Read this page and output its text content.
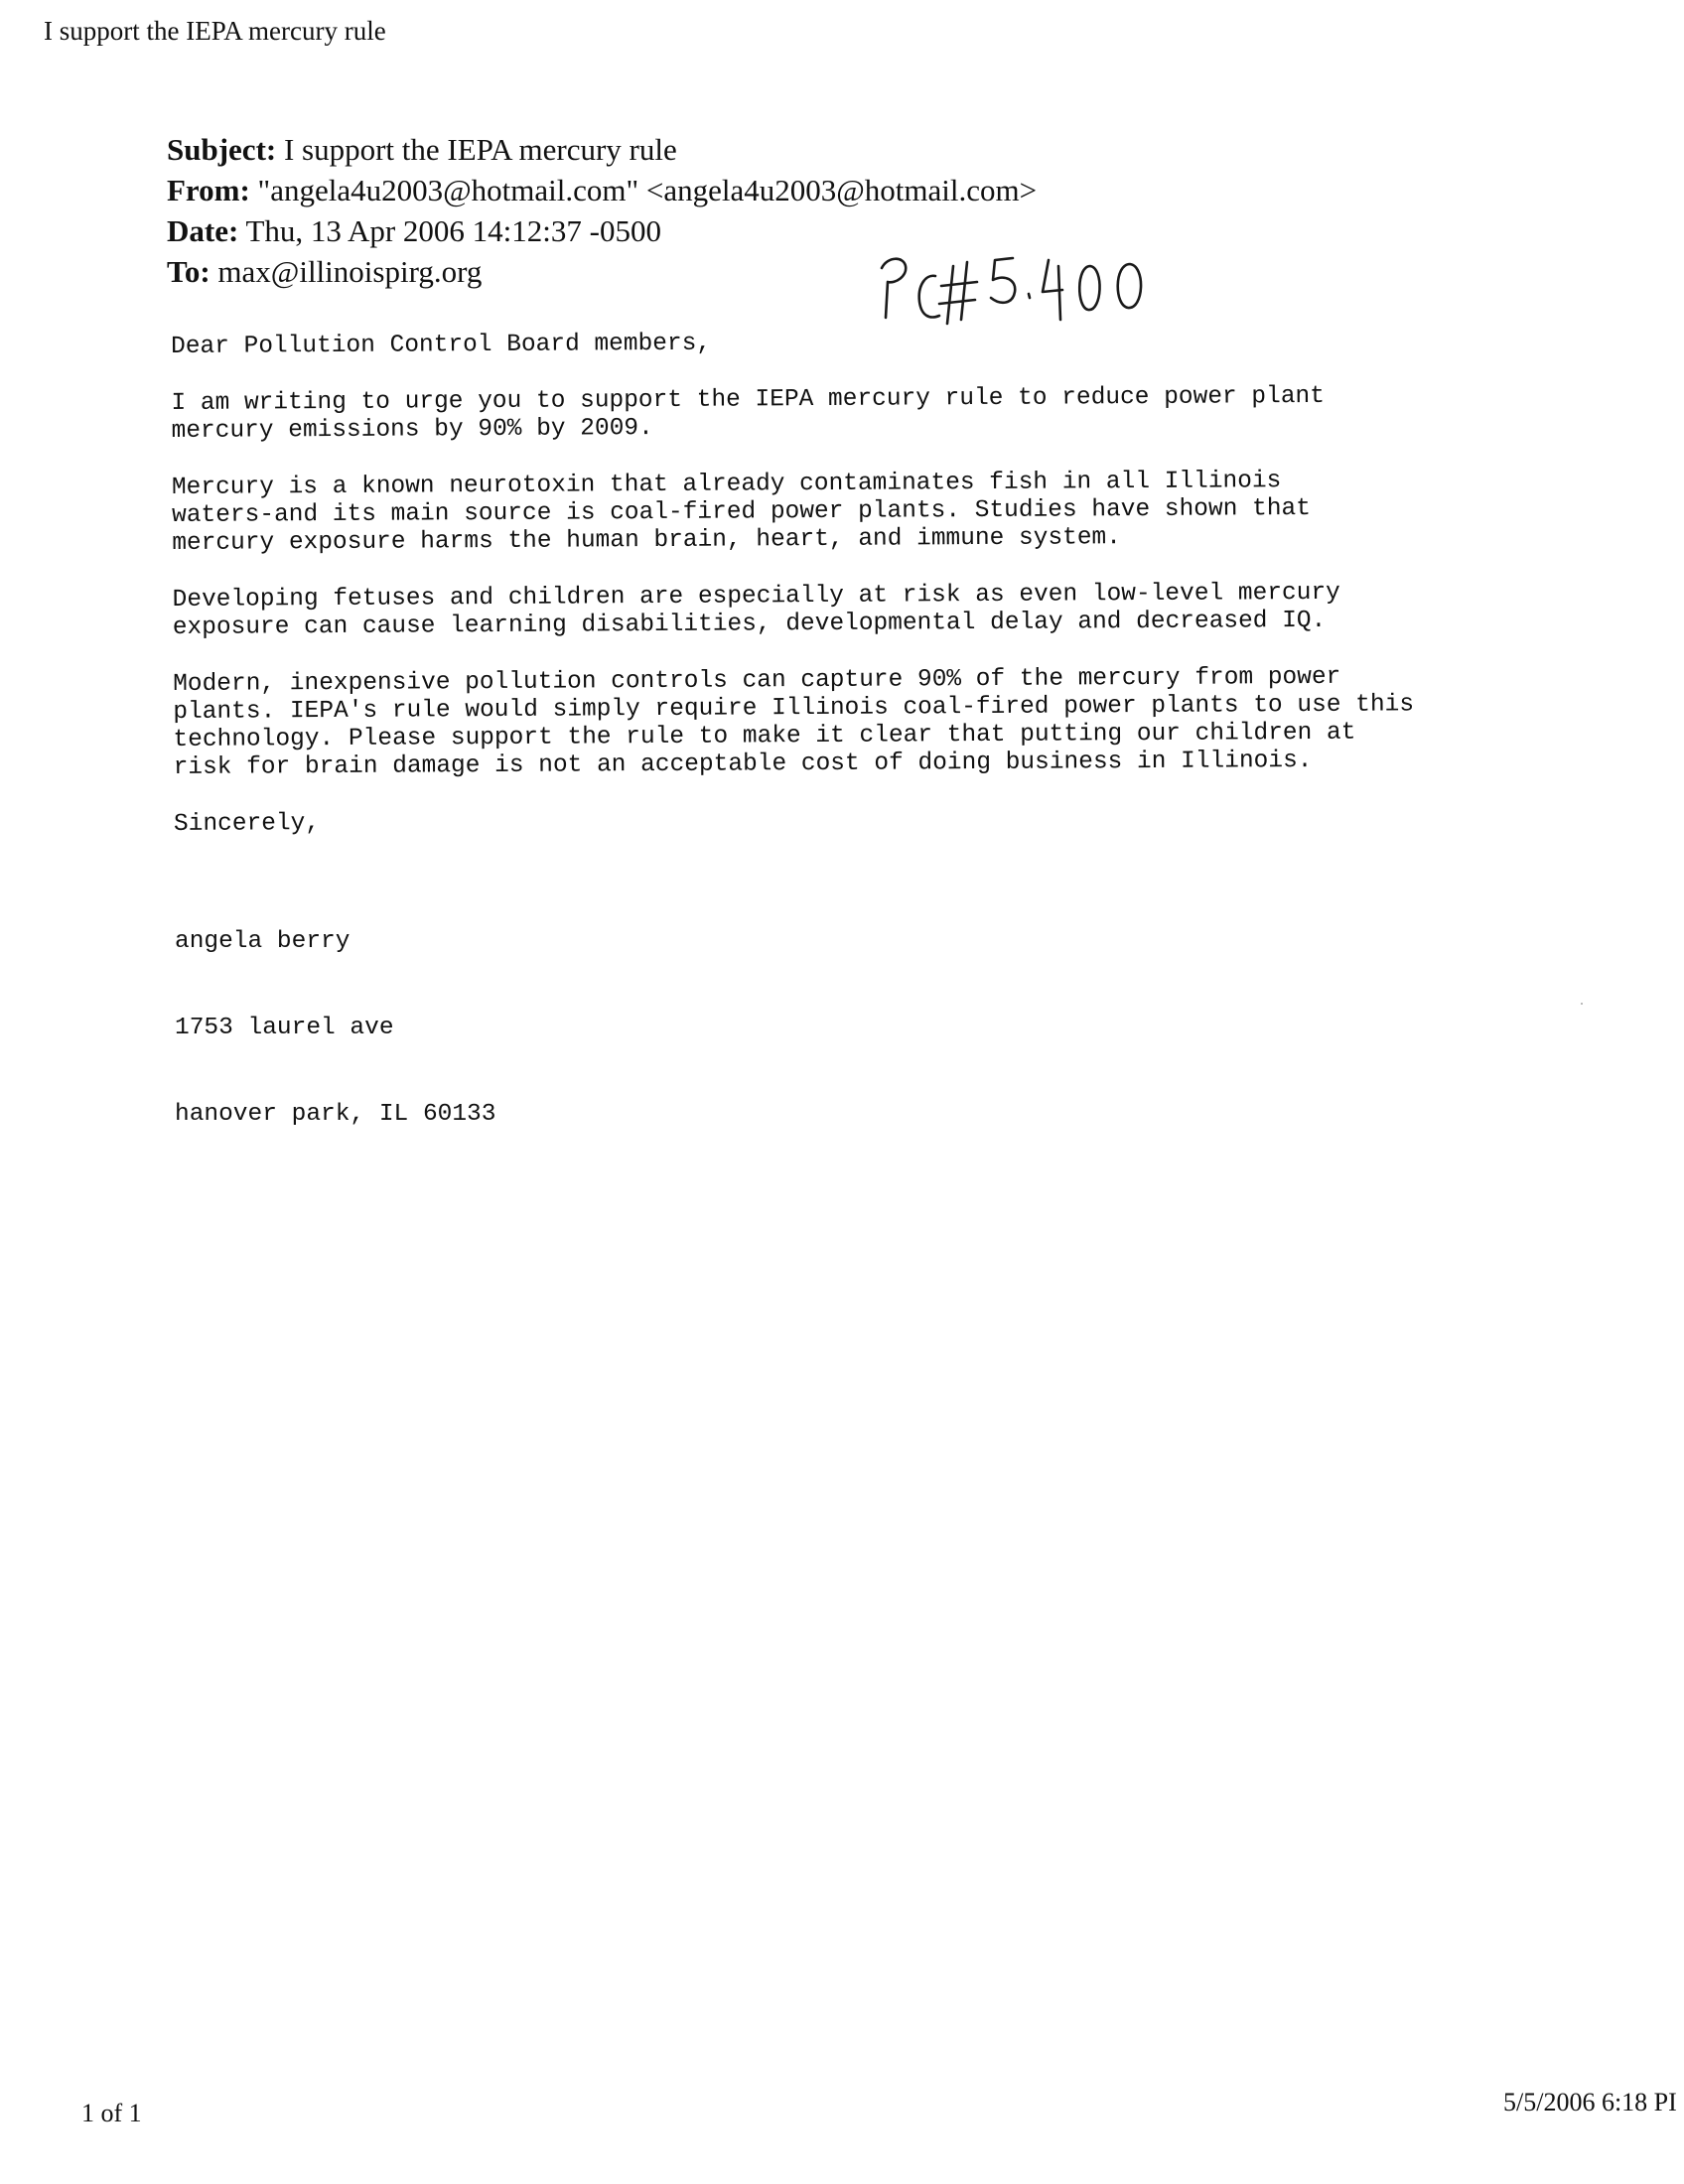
I support the IEPA mercury rule
Subject: I support the IEPA mercury rule
From: "angela4u2003@hotmail.com" <angela4u2003@hotmail.com>
Date: Thu, 13 Apr 2006 14:12:37 -0500
To: max@illinoispirg.org
Dear Pollution Control Board members,
I am writing to urge you to support the IEPA mercury rule to reduce power plant
mercury emissions by 90% by 2009.
Mercury is a known neurotoxin that already contaminates fish in all Illinois
waters-and its main source is coal-fired power plants. Studies have shown that
mercury exposure harms the human brain, heart, and immune system.
Developing fetuses and children are especially at risk as even low-level mercury
exposure can cause learning disabilities, developmental delay and decreased IQ.
Modern, inexpensive pollution controls can capture 90% of the mercury from power
plants. IEPA's rule would simply require Illinois coal-fired power plants to use this
technology. Please support the rule to make it clear that putting our children at
risk for brain damage is not an acceptable cost of doing business in Illinois.
Sincerely,

angela berry

1753 laurel ave

hanover park, IL 60133

1 of 1	5/5/2006 6:18 PI
